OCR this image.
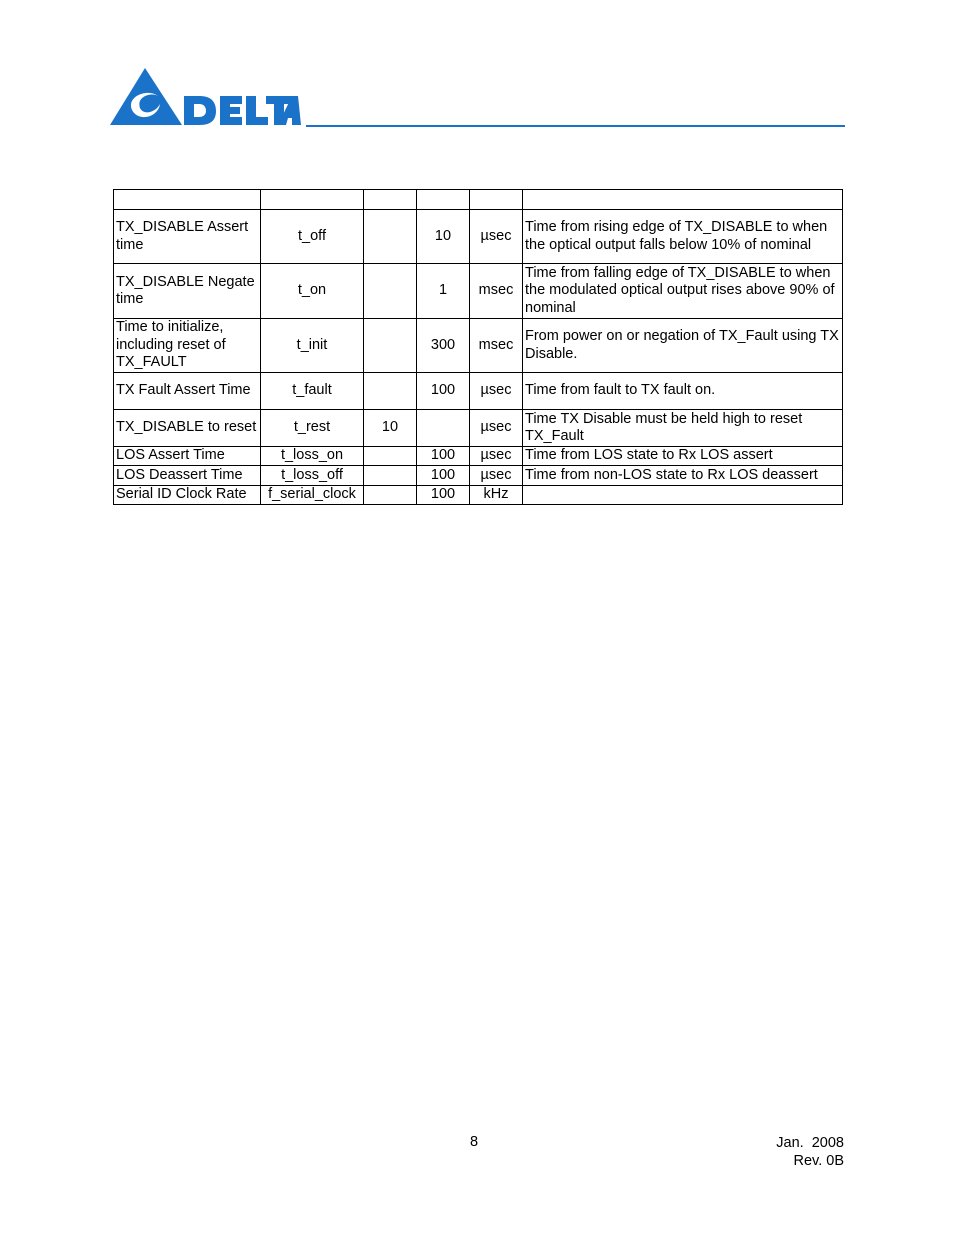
TX_DISABLE Assert time	t_off		10	µsec	Time from rising edge of TX_DISABLE to when the optical output falls below 10% of nominal
TX_DISABLE Negate time	t_on		1	msec	Time from falling edge of TX_DISABLE to when the modulated optical output rises above 90% of nominal
Time to initialize, including reset of TX_FAULT	t_init		300	msec	From power on or negation of TX_Fault using TX Disable.
TX Fault Assert Time	t_fault		100	µsec	Time from fault to TX fault on.
TX_DISABLE to reset	t_rest	10		µsec	Time TX Disable must be held high to reset TX_Fault
LOS Assert Time	t_loss_on		100	µsec	Time from LOS state to Rx LOS assert
LOS Deassert Time	t_loss_off		100	µsec	Time from non-LOS state to Rx LOS deassert
Serial ID Clock Rate	f_serial_clock		100	kHz	
8	Jan.  2008
Rev. 0B
